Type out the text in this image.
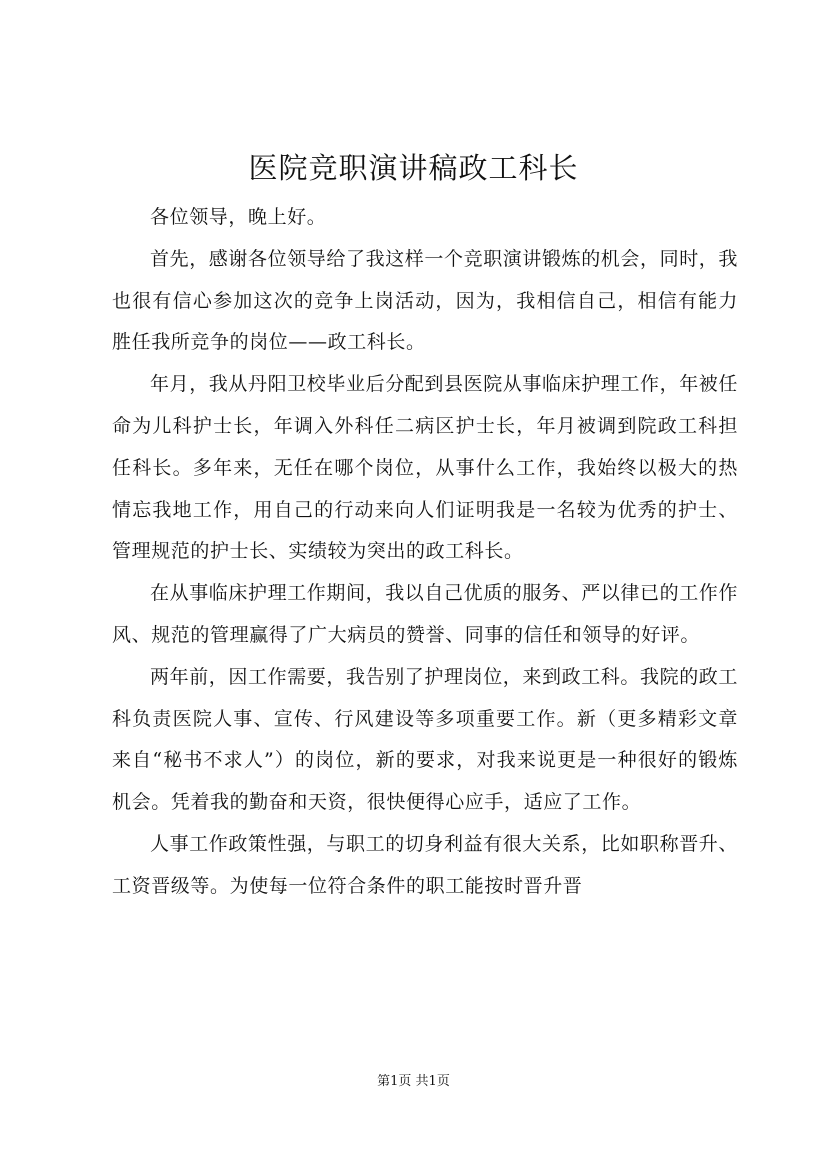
医院竞职演讲稿政工科长

各位领导，晚上好。

首先，感谢各位领导给了我这样一个竞职演讲锻炼的机会，同时，我也很有信心参加这次的竞争上岗活动，因为，我相信自己，相信有能力胜任我所竞争的岗位——政工科长。

年月，我从丹阳卫校毕业后分配到县医院从事临床护理工作，年被任命为儿科护士长，年调入外科任二病区护士长，年月被调到院政工科担任科长。多年来，无任在哪个岗位，从事什么工作，我始终以极大的热情忘我地工作，用自己的行动来向人们证明我是一名较为优秀的护士、管理规范的护士长、实绩较为突出的政工科长。

在从事临床护理工作期间，我以自己优质的服务、严以律已的工作作风、规范的管理赢得了广大病员的赞誉、同事的信任和领导的好评。

两年前，因工作需要，我告别了护理岗位，来到政工科。我院的政工科负责医院人事、宣传、行风建设等多项重要工作。新（更多精彩文章来自“秘书不求人”）的岗位，新的要求，对我来说更是一种很好的锻炼机会。凭着我的勤奋和天资，很快便得心应手，适应了工作。

人事工作政策性强，与职工的切身利益有很大关系，比如职称晋升、工资晋级等。为使每一位符合条件的职工能按时晋升晋

第1页 共1页
